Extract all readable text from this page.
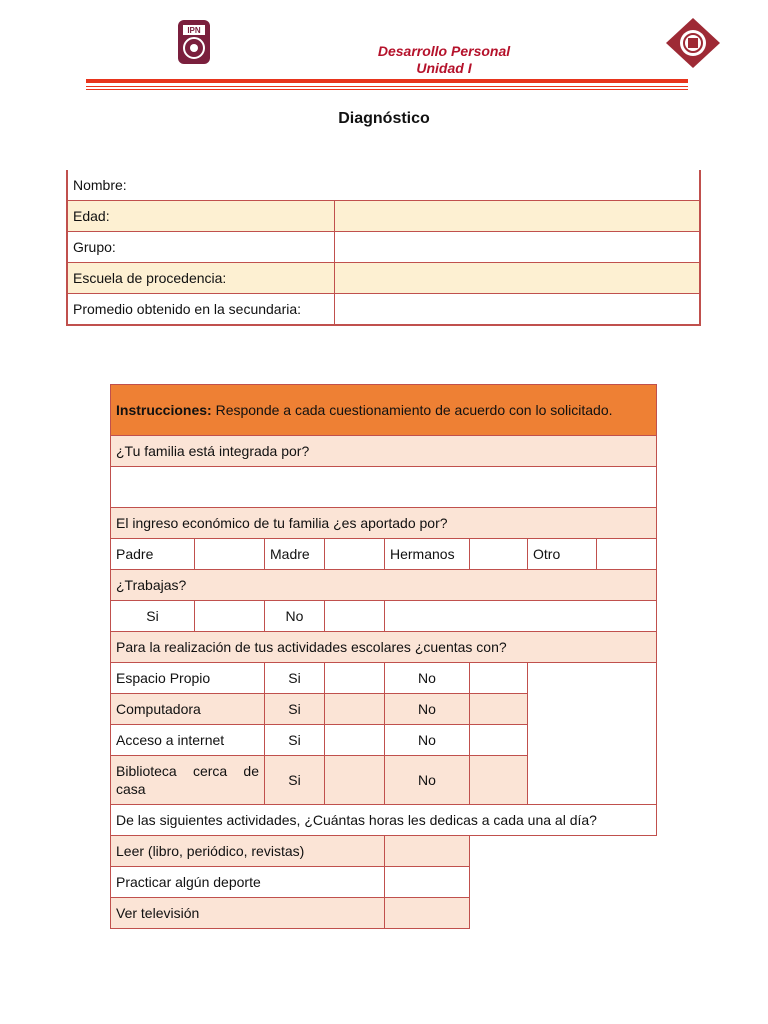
IPN
Desarrollo Personal
Unidad I
Diagnóstico
Nombre:	
Edad:	
Grupo:	
Escuela de procedencia:	
Promedio obtenido en la secundaria:	
Instrucciones: Responde a cada cuestionamiento de acuerdo con lo solicitado.							
¿Tu familia está integrada por?							

El ingreso económico de tu familia ¿es aportado por?							
Padre		Madre		Hermanos		Otro	
¿Trabajas?							
Si		No					
Para la realización de tus actividades escolares ¿cuentas con?							
Espacio Propio		Si		No			
Computadora		Si		No			
Acceso a internet		Si		No			
Biblioteca cerca de casa		Si		No			
De las siguientes actividades, ¿Cuántas horas les dedicas a cada una al día?							
Leer (libro, periódico, revistas)							
Practicar algún deporte							
Ver televisión							
